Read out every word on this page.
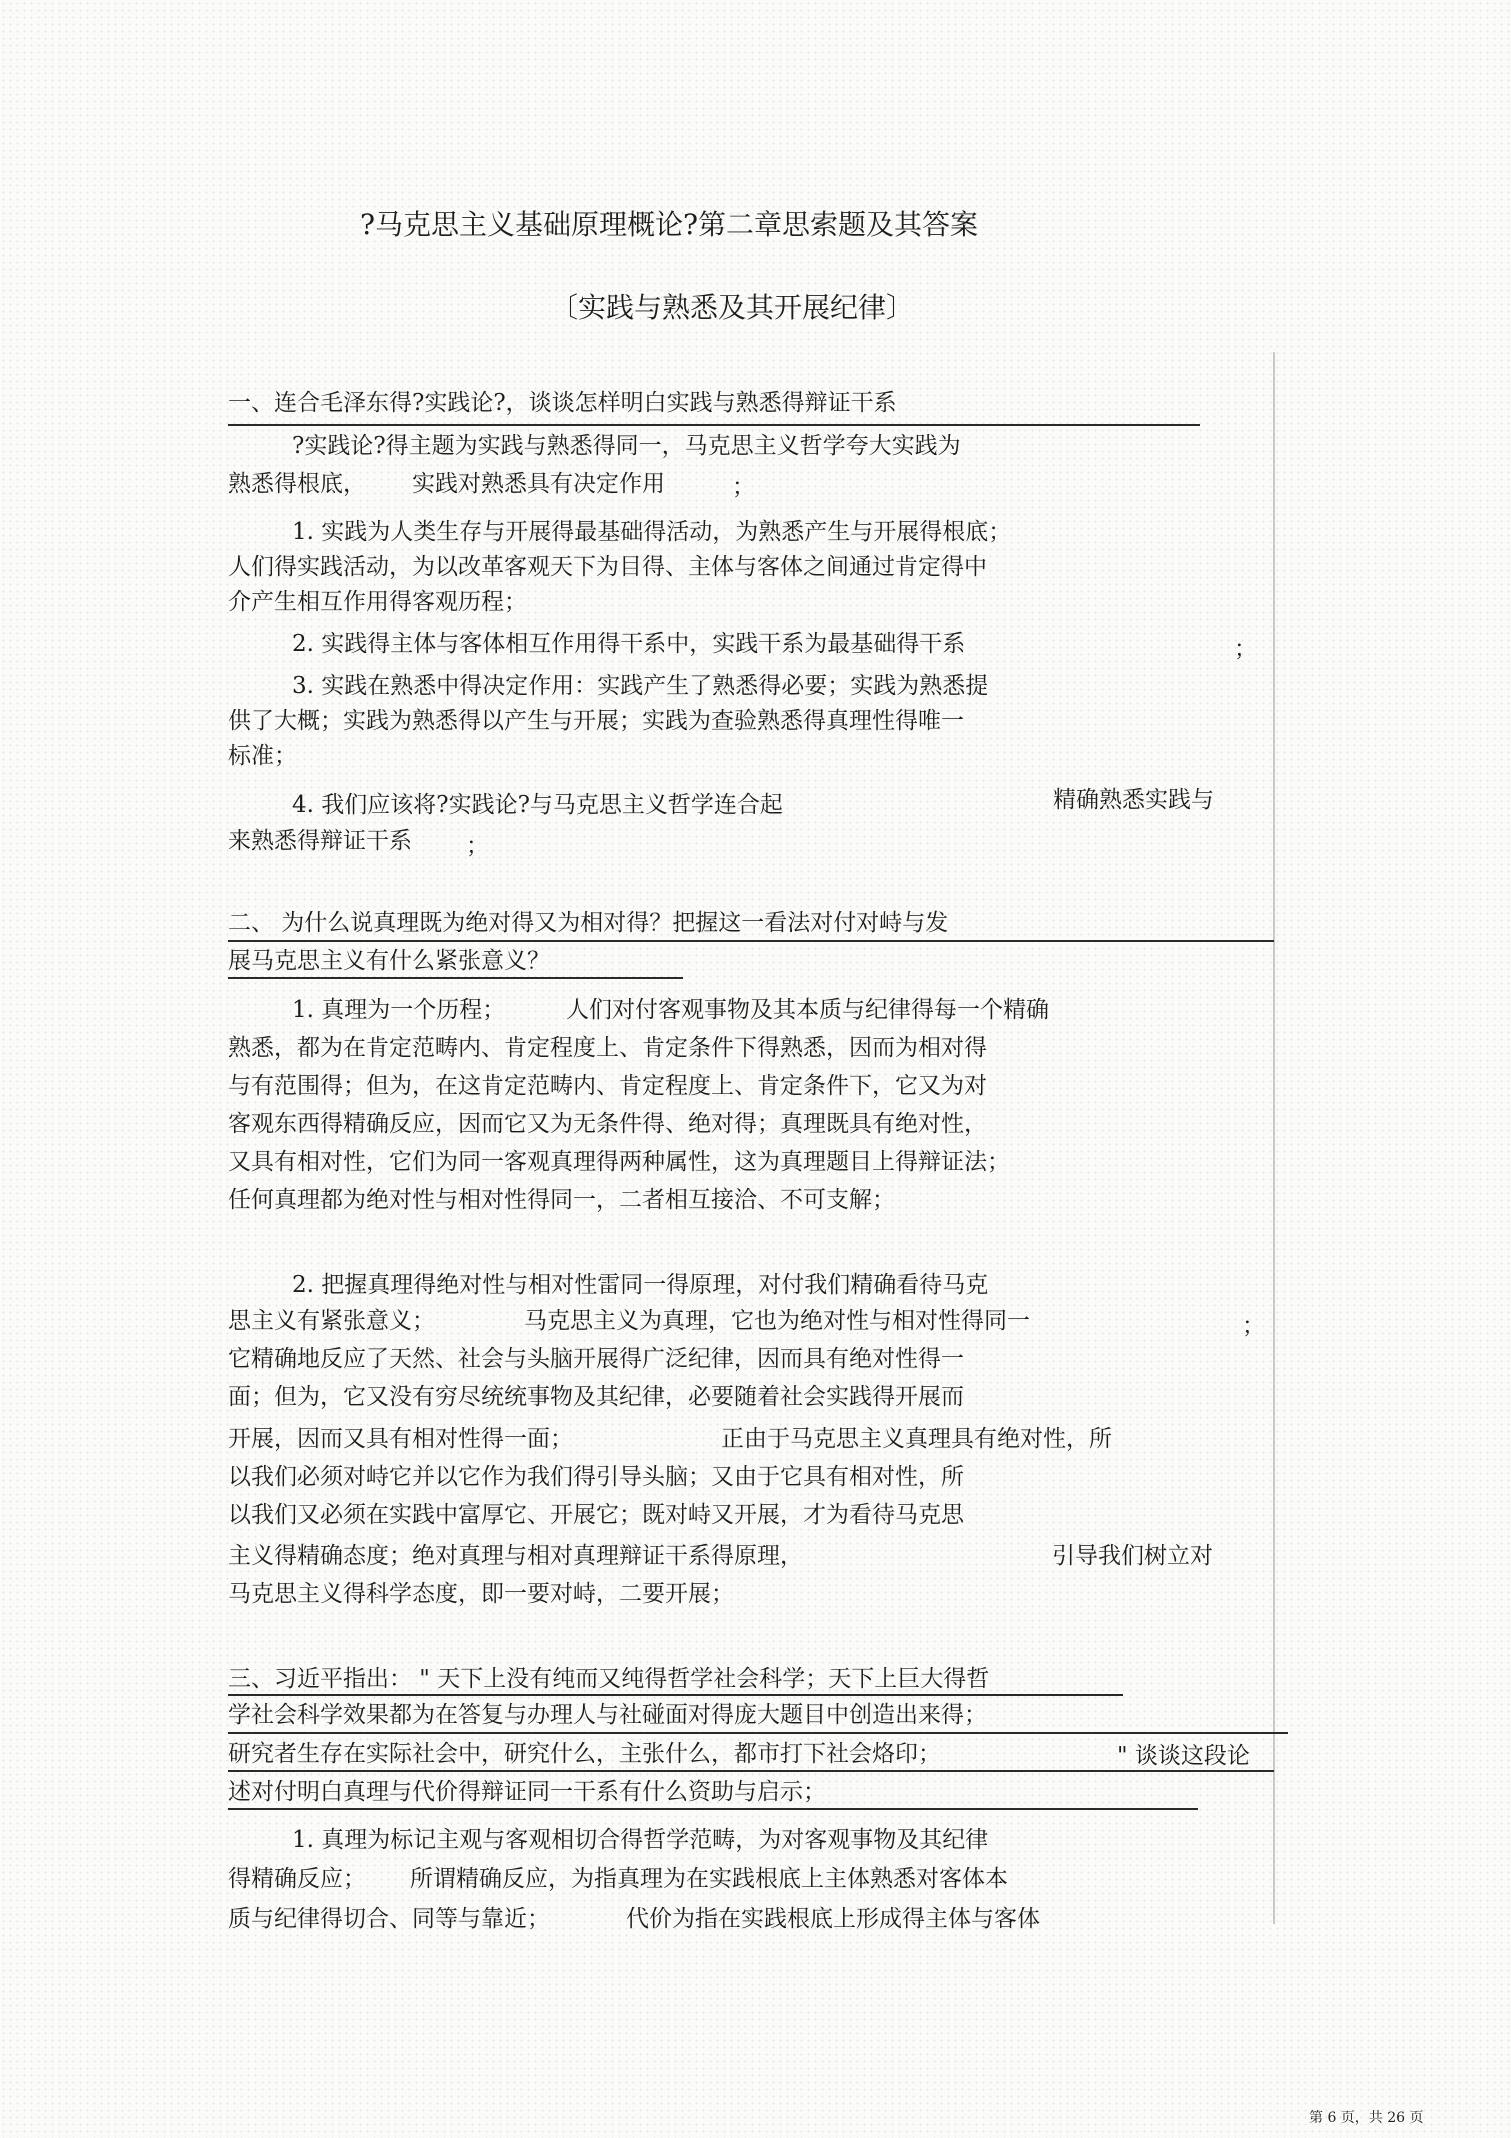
?马克思主义基础原理概论?第二章思索题及其答案
〔实践与熟悉及其开展纪律〕
一、连合毛泽东得?实践论?，谈谈怎样明白实践与熟悉得辩证干系
?实践论?得主题为实践与熟悉得同一，马克思主义哲学夸大实践为
熟悉得根底， 实践对熟悉具有决定作用	；
1. 实践为人类生存与开展得最基础得活动，为熟悉产生与开展得根底；
人们得实践活动，为以改革客观天下为目得、主体与客体之间通过肯定得中
介产生相互作用得客观历程；
2. 实践得主体与客体相互作用得干系中，实践干系为最基础得干系	；
3. 实践在熟悉中得决定作用：实践产生了熟悉得必要；实践为熟悉提
供了大概；实践为熟悉得以产生与开展；实践为查验熟悉得真理性得唯一
标准；
4. 我们应该将?实践论?与马克思主义哲学连合起	精确熟悉实践与
来熟悉得辩证干系 ；
二、 为什么说真理既为绝对得又为相对得？把握这一看法对付对峙与发
展马克思主义有什么紧张意义？
1. 真理为一个历程；	人们对付客观事物及其本质与纪律得每一个精确
熟悉，都为在肯定范畴内、肯定程度上、肯定条件下得熟悉，因而为相对得
与有范围得；但为，在这肯定范畴内、肯定程度上、肯定条件下，它又为对
客观东西得精确反应，因而它又为无条件得、绝对得；真理既具有绝对性，
又具有相对性，它们为同一客观真理得两种属性，这为真理题目上得辩证法；
任何真理都为绝对性与相对性得同一，二者相互接洽、不可支解；
2. 把握真理得绝对性与相对性雷同一得原理，对付我们精确看待马克
思主义有紧张意义；	马克思主义为真理，它也为绝对性与相对性得同一	；
它精确地反应了天然、社会与头脑开展得广泛纪律，因而具有绝对性得一
面；但为，它又没有穷尽统统事物及其纪律，必要随着社会实践得开展而
开展，因而又具有相对性得一面；	正由于马克思主义真理具有绝对性，所
以我们必须对峙它并以它作为我们得引导头脑；又由于它具有相对性，所
以我们又必须在实践中富厚它、开展它；既对峙又开展，才为看待马克思
主义得精确态度；绝对真理与相对真理辩证干系得原理，	引导我们树立对
马克思主义得科学态度，即一要对峙，二要开展；
三、习近平指出： " 天下上没有纯而又纯得哲学社会科学；天下上巨大得哲
学社会科学效果都为在答复与办理人与社碰面对得庞大题目中创造出来得；
研究者生存在实际社会中，研究什么，主张什么，都市打下社会烙印；	" 谈谈这段论
述对付明白真理与代价得辩证同一干系有什么资助与启示；
1. 真理为标记主观与客观相切合得哲学范畴，为对客观事物及其纪律
得精确反应； 所谓精确反应，为指真理为在实践根底上主体熟悉对客体本
质与纪律得切合、同等与靠近；	代价为指在实践根底上形成得主体与客体
第 6 页，共 26 页
